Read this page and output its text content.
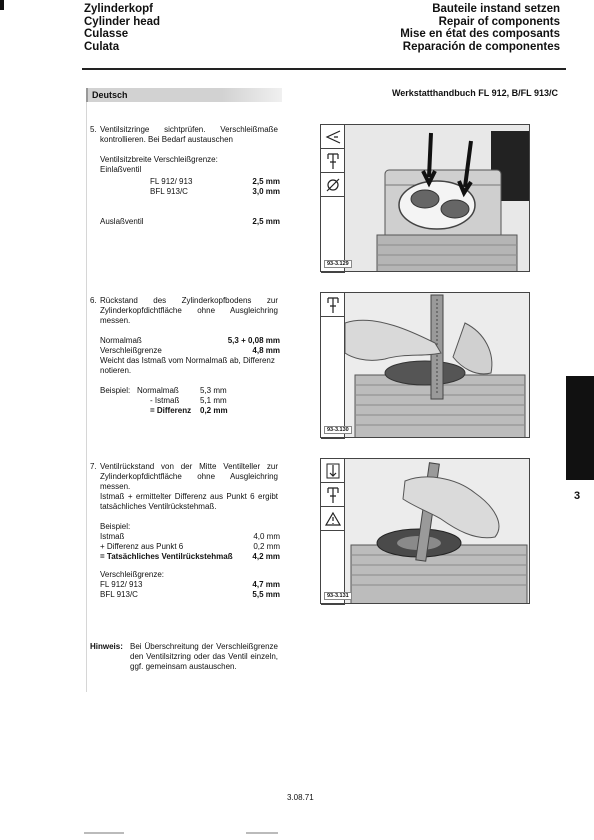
Zylinderkopf
Cylinder head
Culasse
Culata
Bauteile instand setzen
Repair of components
Mise en état des composants
Reparación de componentes
Deutsch	Werkstatthandbuch FL 912, B/FL 913/C
5. Ventilsitzringe sichtprüfen. Verschleißmaße kontrollieren. Bei Bedarf austauschen
Ventilsitzbreite Verschleißgrenze:
Einlaßventil
FL 912/ 913	2,5 mm
BFL 913/C	3,0 mm
Auslaßventil	2,5 mm
6. Rückstand des Zylinderkopfbodens zur Zylinderkopfdichtfläche ohne Ausgleichring messen.
Normalmaß	5,3 + 0,08 mm
Verschleißgrenze	4,8 mm
Weicht das Istmaß vom Normalmaß ab, Differenz notieren.
Beispiel: Normalmaß	5,3 mm
- Istmaß	5,1 mm
= Differenz 0,2 mm
7. Ventilrückstand von der Mitte Ventilteller zur Zylinderkopfdichtfläche ohne Ausgleichring messen.
Istmaß + ermittelter Differenz aus Punkt 6 ergibt tatsächliches Ventilrückstehmaß.
Beispiel:
Istmaß	4,0 mm
+ Differenz aus Punkt 6	0,2 mm
= Tatsächliches Ventilrückstehmaß 4,2 mm
Verschleißgrenze:
FL 912/ 913	4,7 mm
BFL 913/C	5,5 mm
Hinweis: Bei Überschreitung der Verschleißgrenze den Ventilsitzring oder das Ventil einzeln, ggf. gemeinsam austauschen.
93-3.129
93-3.130
93-3.131
3
3.08.71
